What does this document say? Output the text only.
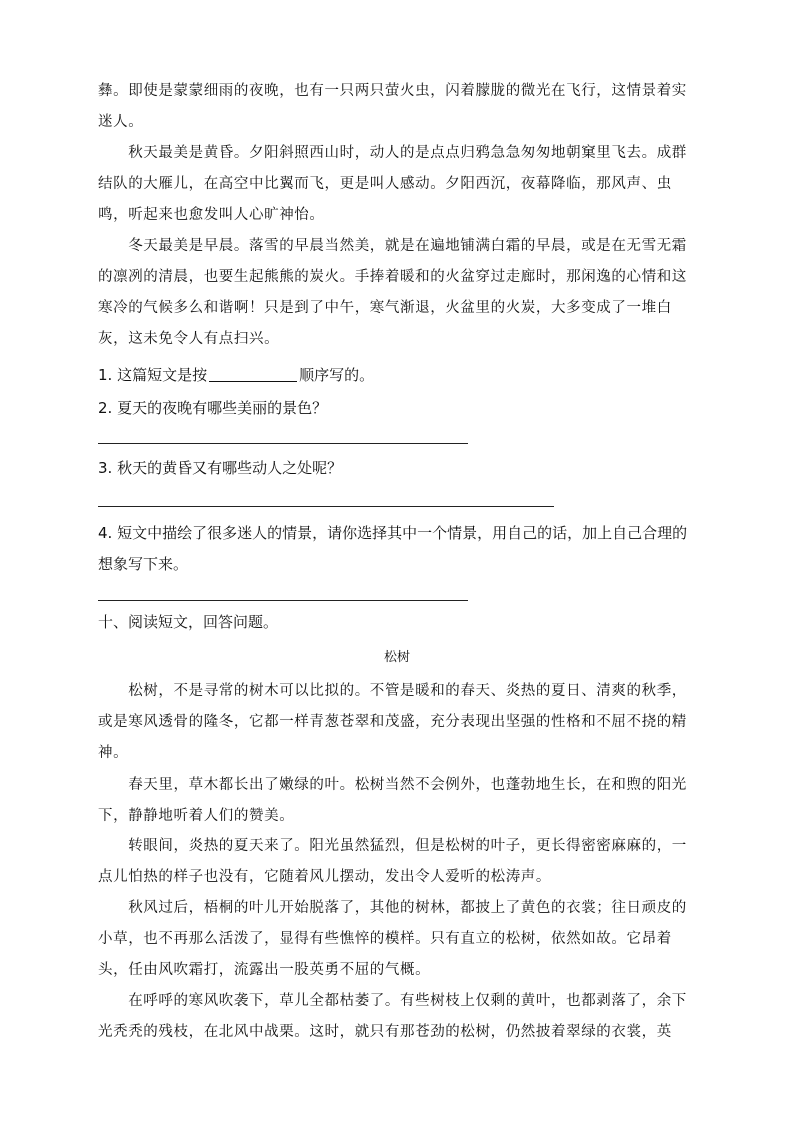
彝。即使是蒙蒙细雨的夜晚，也有一只两只萤火虫，闪着朦胧的微光在飞行，这情景着实迷人。

　　秋天最美是黄昏。夕阳斜照西山时，动人的是点点归鸦急急匆匆地朝窠里飞去。成群结队的大雁儿，在高空中比翼而飞，更是叫人感动。夕阳西沉，夜幕降临，那风声、虫鸣，听起来也愈发叫人心旷神怡。

　　冬天最美是早晨。落雪的早晨当然美，就是在遍地铺满白霜的早晨，或是在无雪无霜的凛冽的清晨，也要生起熊熊的炭火。手捧着暖和的火盆穿过走廊时，那闲逸的心情和这寒冷的气候多么和谐啊！只是到了中午，寒气渐退，火盆里的火炭，大多变成了一堆白灰，这未免令人有点扫兴。

1. 这篇短文是按	顺序写的。

2. 夏天的夜晚有哪些美丽的景色？

3. 秋天的黄昏又有哪些动人之处呢？

4. 短文中描绘了很多迷人的情景，请你选择其中一个情景，用自己的话，加上自己合理的想象写下来。

十、阅读短文，回答问题。

松树

　　松树，不是寻常的树木可以比拟的。不管是暖和的春天、炎热的夏日、清爽的秋季，或是寒风透骨的隆冬，它都一样青葱苍翠和茂盛，充分表现出坚强的性格和不屈不挠的精神。

　　春天里，草木都长出了嫩绿的叶。松树当然不会例外，也蓬勃地生长，在和煦的阳光下，静静地听着人们的赞美。

　　转眼间，炎热的夏天来了。阳光虽然猛烈，但是松树的叶子，更长得密密麻麻的，一点儿怕热的样子也没有，它随着风儿摆动，发出令人爱听的松涛声。

　　秋风过后，梧桐的叶儿开始脱落了，其他的树林，都披上了黄色的衣裳；往日顽皮的小草，也不再那么活泼了，显得有些憔悴的模样。只有直立的松树，依然如故。它昂着头，任由风吹霜打，流露出一股英勇不屈的气概。

　　在呼呼的寒风吹袭下，草儿全都枯萎了。有些树枝上仅剩的黄叶，也都剥落了，余下光秃秃的残枝，在北风中战栗。这时，就只有那苍劲的松树，仍然披着翠绿的衣裳，英
